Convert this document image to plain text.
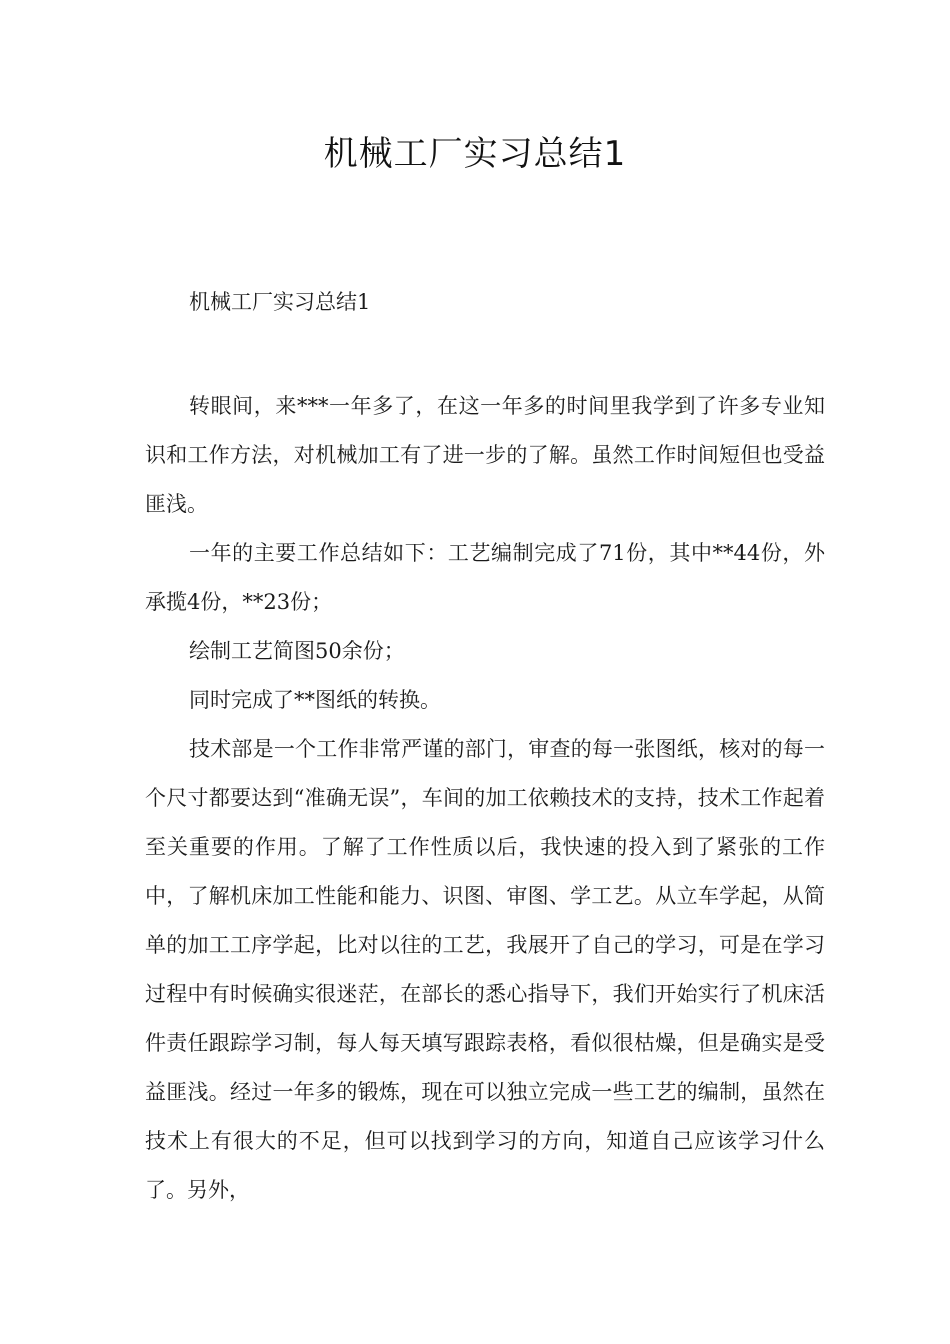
机械工厂实习总结1

机械工厂实习总结1

转眼间，来***一年多了，在这一年多的时间里我学到了许多专业知识和工作方法，对机械加工有了进一步的了解。虽然工作时间短但也受益匪浅。

一年的主要工作总结如下：工艺编制完成了71份，其中**44份，外承揽4份，**23份；

绘制工艺简图50余份；

同时完成了**图纸的转换。

技术部是一个工作非常严谨的部门，审查的每一张图纸，核对的每一个尺寸都要达到“准确无误”，车间的加工依赖技术的支持，技术工作起着至关重要的作用。了解了工作性质以后，我快速的投入到了紧张的工作中，了解机床加工性能和能力、识图、审图、学工艺。从立车学起，从简单的加工工序学起，比对以往的工艺，我展开了自己的学习，可是在学习过程中有时候确实很迷茫，在部长的悉心指导下，我们开始实行了机床活件责任跟踪学习制，每人每天填写跟踪表格，看似很枯燥，但是确实是受益匪浅。经过一年多的锻炼，现在可以独立完成一些工艺的编制，虽然在技术上有很大的不足，但可以找到学习的方向，知道自己应该学习什么了。另外，
